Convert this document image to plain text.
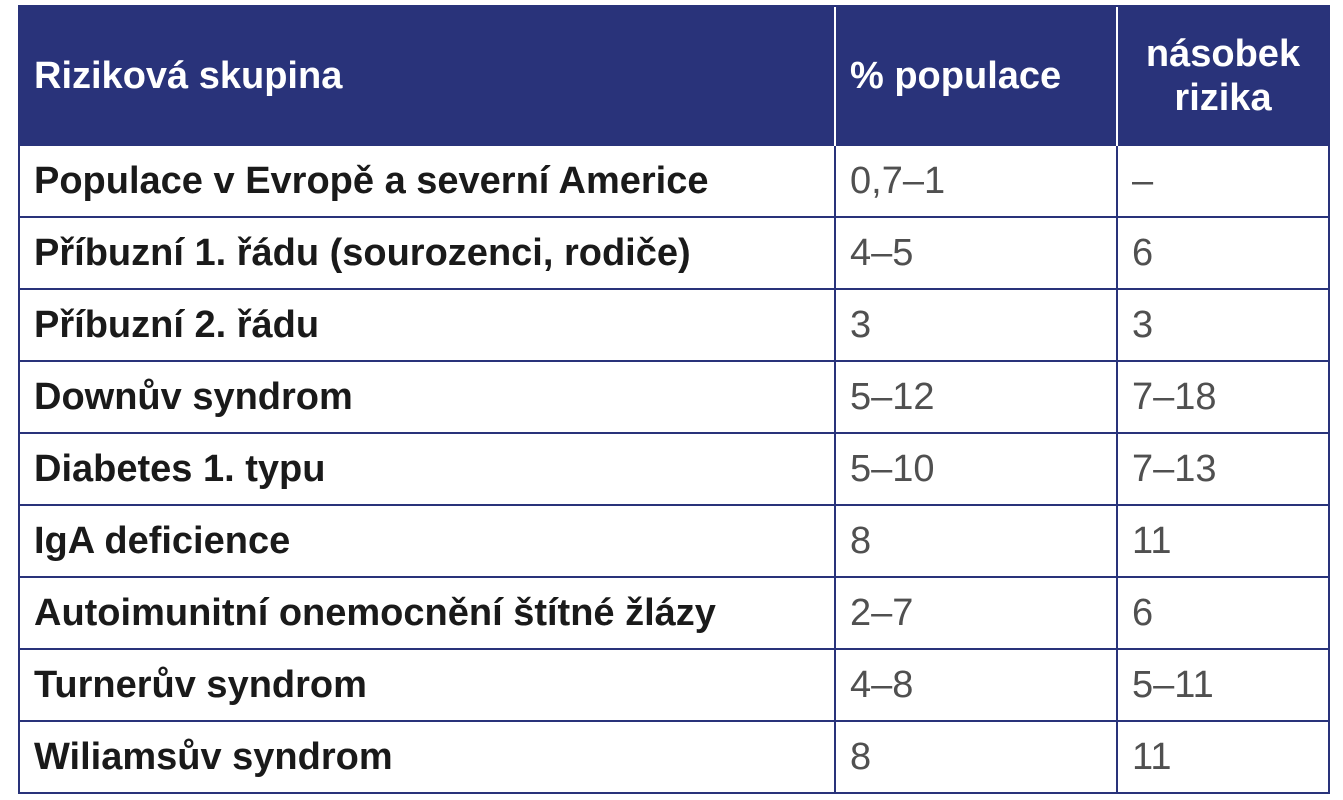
Riziková skupina	% populace	násobek rizika
Populace v Evropě a severní Americe	0,7–1	–
Příbuzní 1. řádu (sourozenci, rodiče)	4–5	6
Příbuzní 2. řádu	3	3
Downův syndrom	5–12	7–18
Diabetes 1. typu	5–10	7–13
IgA deficience	8	11
Autoimunitní onemocnění štítné žlázy	2–7	6
Turnerův syndrom	4–8	5–11
Wiliamsův syndrom	8	11
